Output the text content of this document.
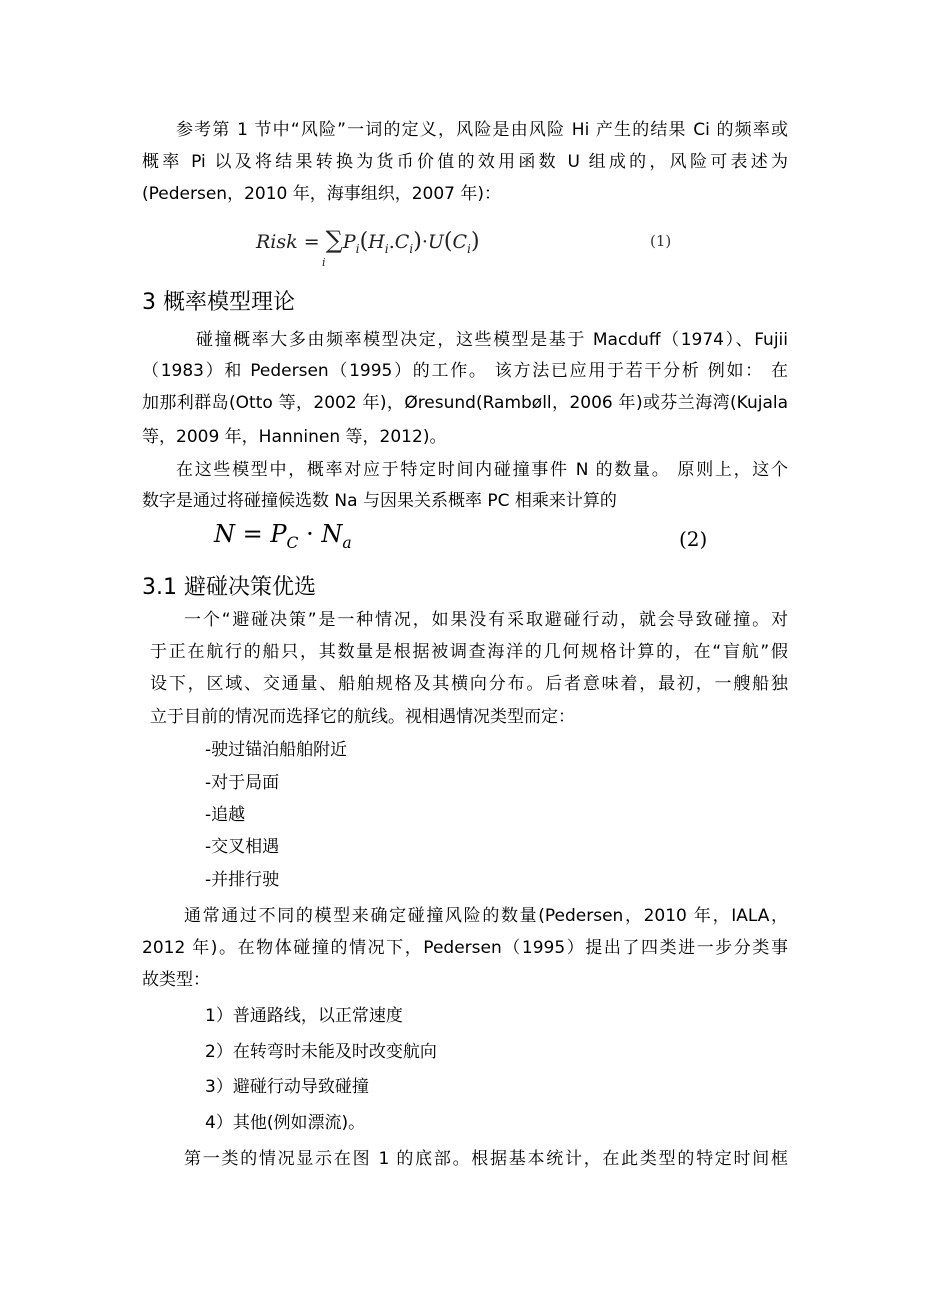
参考第 1 节中“风险”一词的定义，风险是由风险 Hi 产生的结果 Ci 的频率或
概率 Pi 以及将结果转换为货币价值的效用函数 U 组成的，风险可表述为
(Pedersen，2010 年，海事组织，2007 年)：
Risk = $\sum P_i(H_i.C_i)\cdot U(C_i)$
i
(1)
3 概率模型理论
碰撞概率大多由频率模型决定，这些模型是基于 Macduff（1974）、Fujii
（1983）和 Pedersen（1995）的工作。 该方法已应用于若干分析 例如： 在
加那利群岛(Otto 等，2002 年)，Øresund(Rambøll，2006 年)或芬兰海湾(Kujala
等，2009 年，Hanninen 等，2012)。
在这些模型中，概率对应于特定时间内碰撞事件 N 的数量。 原则上，这个
数字是通过将碰撞候选数 Na 与因果关系概率 PC 相乘来计算的
$N = P_C \cdot N_a$	(2)
3.1 避碰决策优选
一个“避碰决策”是一种情况，如果没有采取避碰行动，就会导致碰撞。对
于正在航行的船只，其数量是根据被调查海洋的几何规格计算的，在“盲航”假
设下，区域、交通量、船舶规格及其横向分布。后者意味着，最初，一艘船独
立于目前的情况而选择它的航线。视相遇情况类型而定：
-驶过锚泊船舶附近
-对于局面
-追越
-交叉相遇
-并排行驶
通常通过不同的模型来确定碰撞风险的数量(Pedersen，2010 年，IALA，
2012 年)。在物体碰撞的情况下，Pedersen（1995）提出了四类进一步分类事
故类型：
1）普通路线，以正常速度
2）在转弯时未能及时改变航向
3）避碰行动导致碰撞
4）其他(例如漂流)。
第一类的情况显示在图 1 的底部。根据基本统计，在此类型的特定时间框
